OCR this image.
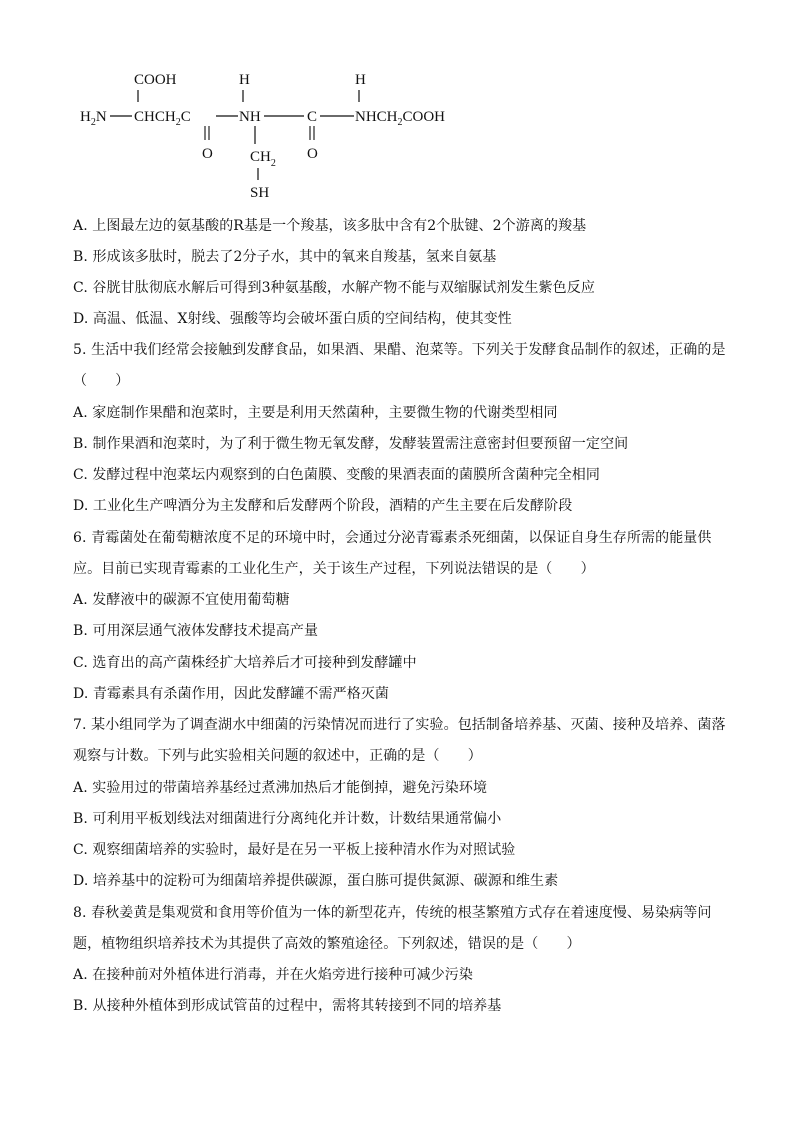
COOH	H	H
$H_2N$ $CHCH_2C$	NH	C	$NHCH_2COOH$
O	O
$CH_2$
SH
A. 上图最左边的氨基酸的R基是一个羧基，该多肽中含有2个肽键、2个游离的羧基
B. 形成该多肽时，脱去了2分子水，其中的氧来自羧基，氢来自氨基
C. 谷胱甘肽彻底水解后可得到3种氨基酸，水解产物不能与双缩脲试剂发生紫色反应
D. 高温、低温、X射线、强酸等均会破坏蛋白质的空间结构，使其变性
5. 生活中我们经常会接触到发酵食品，如果酒、果醋、泡菜等。下列关于发酵食品制作的叙述，正确的是
（　　）
A. 家庭制作果醋和泡菜时，主要是利用天然菌种，主要微生物的代谢类型相同
B. 制作果酒和泡菜时，为了利于微生物无氧发酵，发酵装置需注意密封但要预留一定空间
C. 发酵过程中泡菜坛内观察到的白色菌膜、变酸的果酒表面的菌膜所含菌种完全相同
D. 工业化生产啤酒分为主发酵和后发酵两个阶段，酒精的产生主要在后发酵阶段
6. 青霉菌处在葡萄糖浓度不足的环境中时，会通过分泌青霉素杀死细菌，以保证自身生存所需的能量供
应。目前已实现青霉素的工业化生产，关于该生产过程，下列说法错误的是（　　）
A. 发酵液中的碳源不宜使用葡萄糖
B. 可用深层通气液体发酵技术提高产量
C. 选育出的高产菌株经扩大培养后才可接种到发酵罐中
D. 青霉素具有杀菌作用，因此发酵罐不需严格灭菌
7. 某小组同学为了调查湖水中细菌的污染情况而进行了实验。包括制备培养基、灭菌、接种及培养、菌落
观察与计数。下列与此实验相关问题的叙述中，正确的是（　　）
A. 实验用过的带菌培养基经过煮沸加热后才能倒掉，避免污染环境
B. 可利用平板划线法对细菌进行分离纯化并计数，计数结果通常偏小
C. 观察细菌培养的实验时，最好是在另一平板上接种清水作为对照试验
D. 培养基中的淀粉可为细菌培养提供碳源，蛋白胨可提供氮源、碳源和维生素
8. 春秋姜黄是集观赏和食用等价值为一体的新型花卉，传统的根茎繁殖方式存在着速度慢、易染病等问
题，植物组织培养技术为其提供了高效的繁殖途径。下列叙述，错误的是（　　）
A. 在接种前对外植体进行消毒，并在火焰旁进行接种可减少污染
B. 从接种外植体到形成试管苗的过程中，需将其转接到不同的培养基
